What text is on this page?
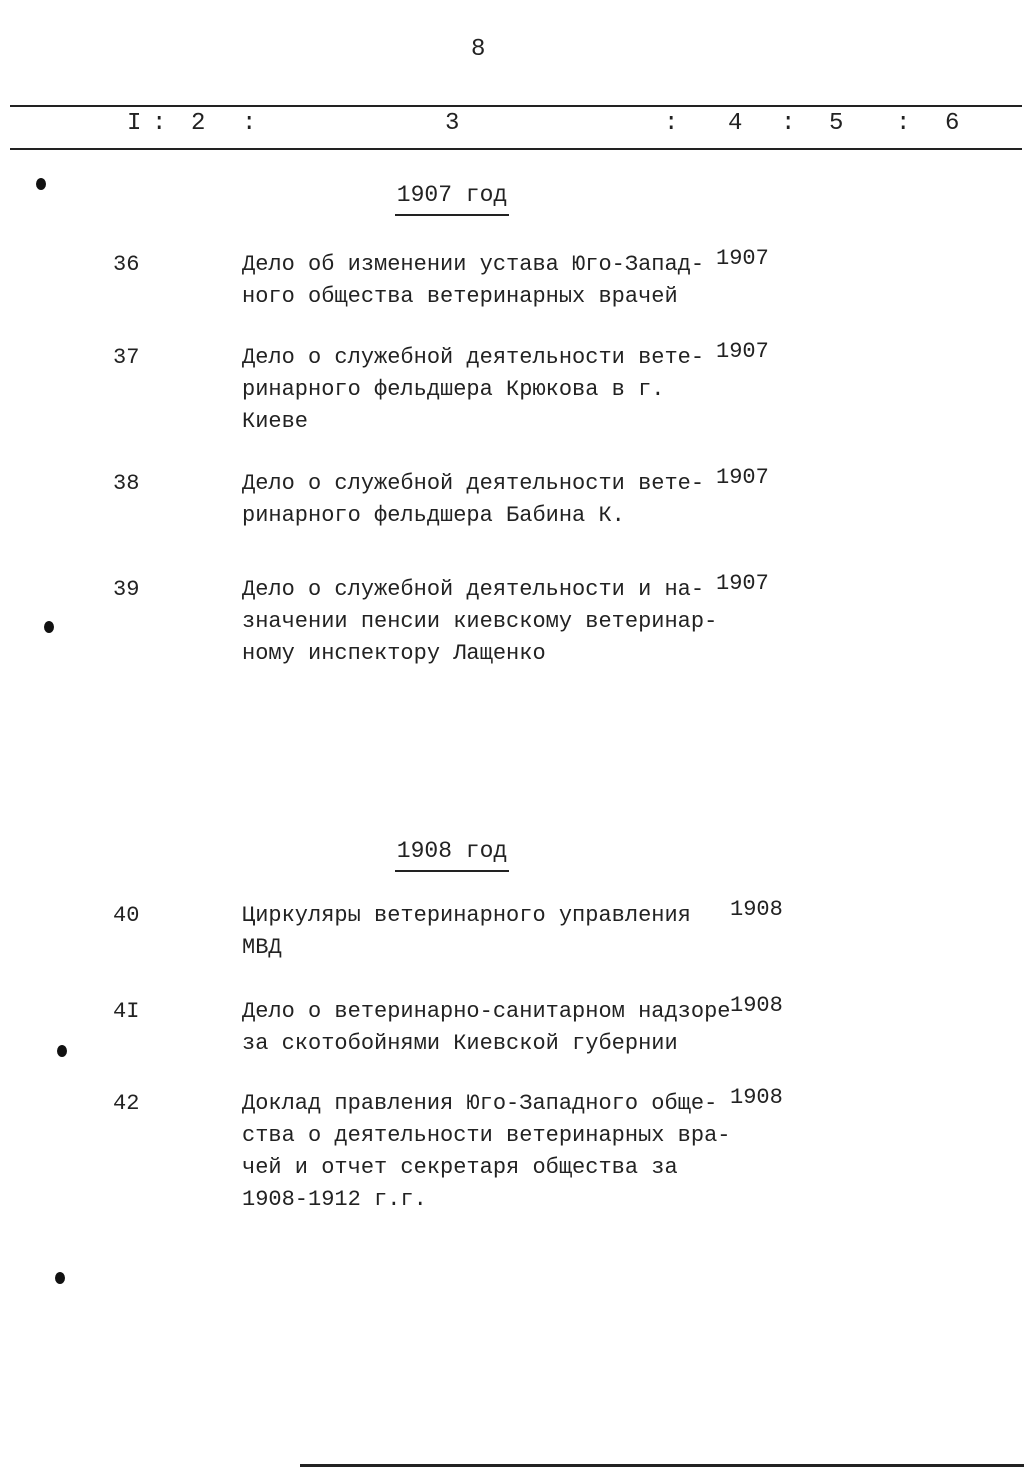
8
I : 2 :	3	: 4 : 5 : 6
1907 год
36	Дело об изменении устава Юго-Запад-
ного общества ветеринарных врачей
1907
37	Дело о служебной деятельности вете-
ринарного фельдшера Крюкова в г.
Киеве
1907
38	Дело о служебной деятельности вете-
ринарного фельдшера Бабина К.
1907
39	Дело о служебной деятельности и на-
значении пенсии киевскому ветеринар-
ному инспектору Лащенко
1907
40	Циркуляры ветеринарного управления
МВД
1908
4I	Дело о ветеринарно-санитарном надзоре
за скотобойнями Киевской губернии
1908
42	Доклад правления Юго-Западного обще-
ства о деятельности ветеринарных вра-
чей и отчет секретаря общества за
1908-1912 г.г.
1908
1908 год
